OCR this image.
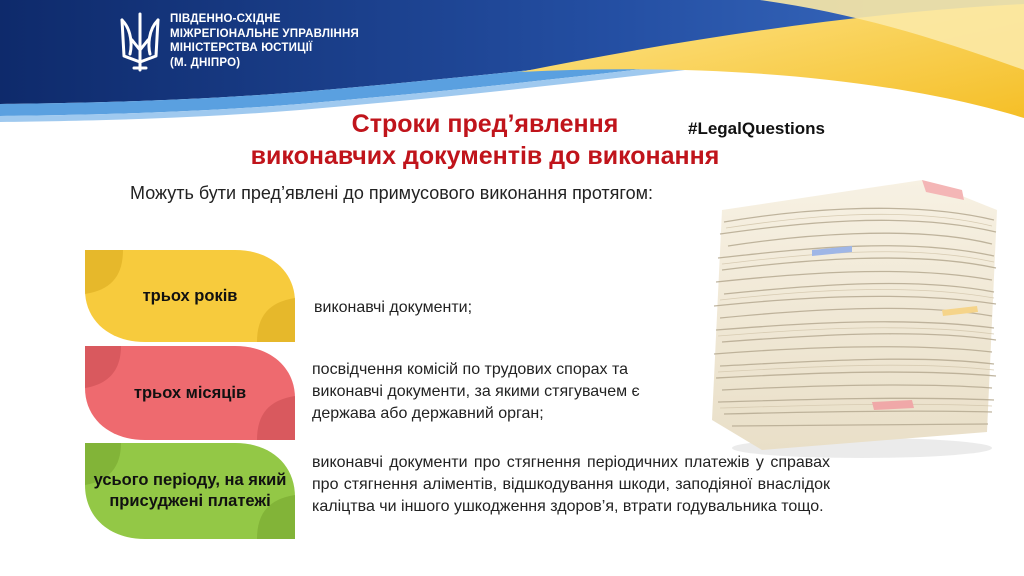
ПІВДЕННО-СХІДНЕ
МІЖРЕГІОНАЛЬНЕ УПРАВЛІННЯ
МІНІСТЕРСТВА ЮСТИЦІЇ
(М. ДНІПРО)
Строки пред’явлення
виконавчих документів до виконання
#LegalQuestions
Можуть бути пред’явлені до примусового виконання протягом:
трьох років
виконавчі документи;
трьох місяців
посвідчення комісій по трудових спорах та виконавчі документи, за якими стягувачем є держава або державний орган;
усього періоду, на який присуджені платежі
виконавчі документи про стягнення періодичних платежів у справах про стягнення аліментів, відшкодування шкоди, заподіяної внаслідок каліцтва чи іншого ушкодження здоров’я, втрати годувальника тощо.
